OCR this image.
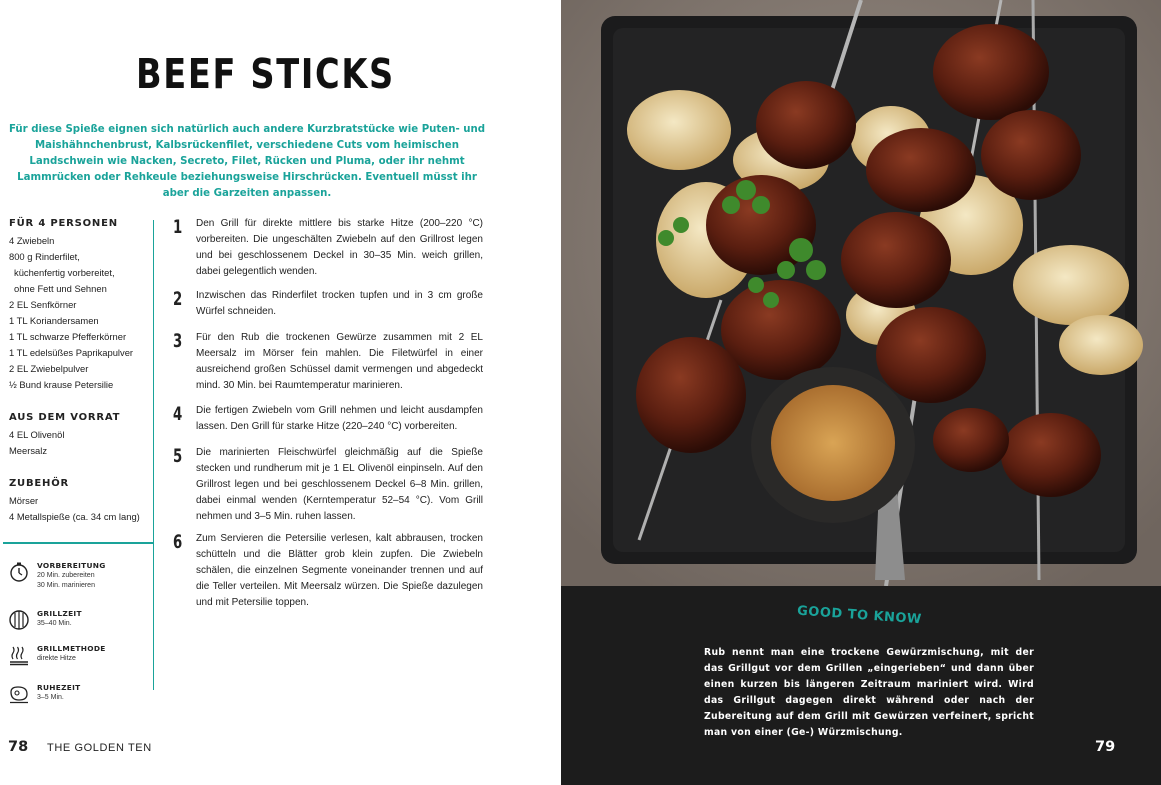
BEEF STICKS
Für diese Spieße eignen sich natürlich auch andere Kurzbratstücke wie Puten- und Maishähnchenbrust, Kalbsrückenfilet, verschiedene Cuts vom heimischen Landschwein wie Nacken, Secreto, Filet, Rücken und Pluma, oder ihr nehmt Lammrücken oder Rehkeule beziehungsweise Hirschrücken. Eventuell müsst ihr aber die Garzeiten anpassen.
FÜR 4 PERSONEN
4 Zwiebeln
800 g Rinderfilet,
küchenfertig vorbereitet,
ohne Fett und Sehnen
2 EL Senfkörner
1 TL Koriandersamen
1 TL schwarze Pfefferkörner
1 TL edelsüßes Paprikapulver
2 EL Zwiebelpulver
½ Bund krause Petersilie
AUS DEM VORRAT
4 EL Olivenöl
Meersalz
ZUBEHÖR
Mörser
4 Metallspieße (ca. 34 cm lang)
VORBEREITUNG
20 Min. zubereiten
30 Min. marinieren
GRILLZEIT
35–40 Min.
GRILLMETHODE
direkte Hitze
RUHEZEIT
3–5 Min.
1 Den Grill für direkte mittlere bis starke Hitze (200–220 °C) vorbereiten. Die ungeschälten Zwiebeln auf den Grillrost legen und bei geschlossenem Deckel in 30–35 Min. weich grillen, dabei gelegentlich wenden.
2 Inzwischen das Rinderfilet trocken tupfen und in 3 cm große Würfel schneiden.
3 Für den Rub die trockenen Gewürze zusammen mit 2 EL Meersalz im Mörser fein mahlen. Die Filetwürfel in einer ausreichend großen Schüssel damit vermengen und abgedeckt mind. 30 Min. bei Raumtemperatur marinieren.
4 Die fertigen Zwiebeln vom Grill nehmen und leicht ausdampfen lassen. Den Grill für starke Hitze (220–240 °C) vorbereiten.
5 Die marinierten Fleischwürfel gleichmäßig auf die Spieße stecken und rundherum mit je 1 EL Olivenöl einpinseln. Auf den Grillrost legen und bei geschlossenem Deckel 6–8 Min. grillen, dabei einmal wenden (Kerntemperatur 52–54 °C). Vom Grill nehmen und 3–5 Min. ruhen lassen.
6 Zum Servieren die Petersilie verlesen, kalt abbrausen, trocken schütteln und die Blätter grob klein zupfen. Die Zwiebeln schälen, die einzelnen Segmente voneinander trennen und auf die Teller verteilen. Mit Meersalz würzen. Die Spieße dazulegen und mit Petersilie toppen.
78 THE GOLDEN TEN
GOOD TO KNOW
Rub nennt man eine trockene Gewürzmischung, mit der das Grillgut vor dem Grillen „eingerieben“ und dann über einen kurzen bis längeren Zeitraum mariniert wird. Wird das Grillgut dagegen direkt während oder nach der Zubereitung auf dem Grill mit Gewürzen verfeinert, spricht man von einer (Ge-) Würzmischung.
79
